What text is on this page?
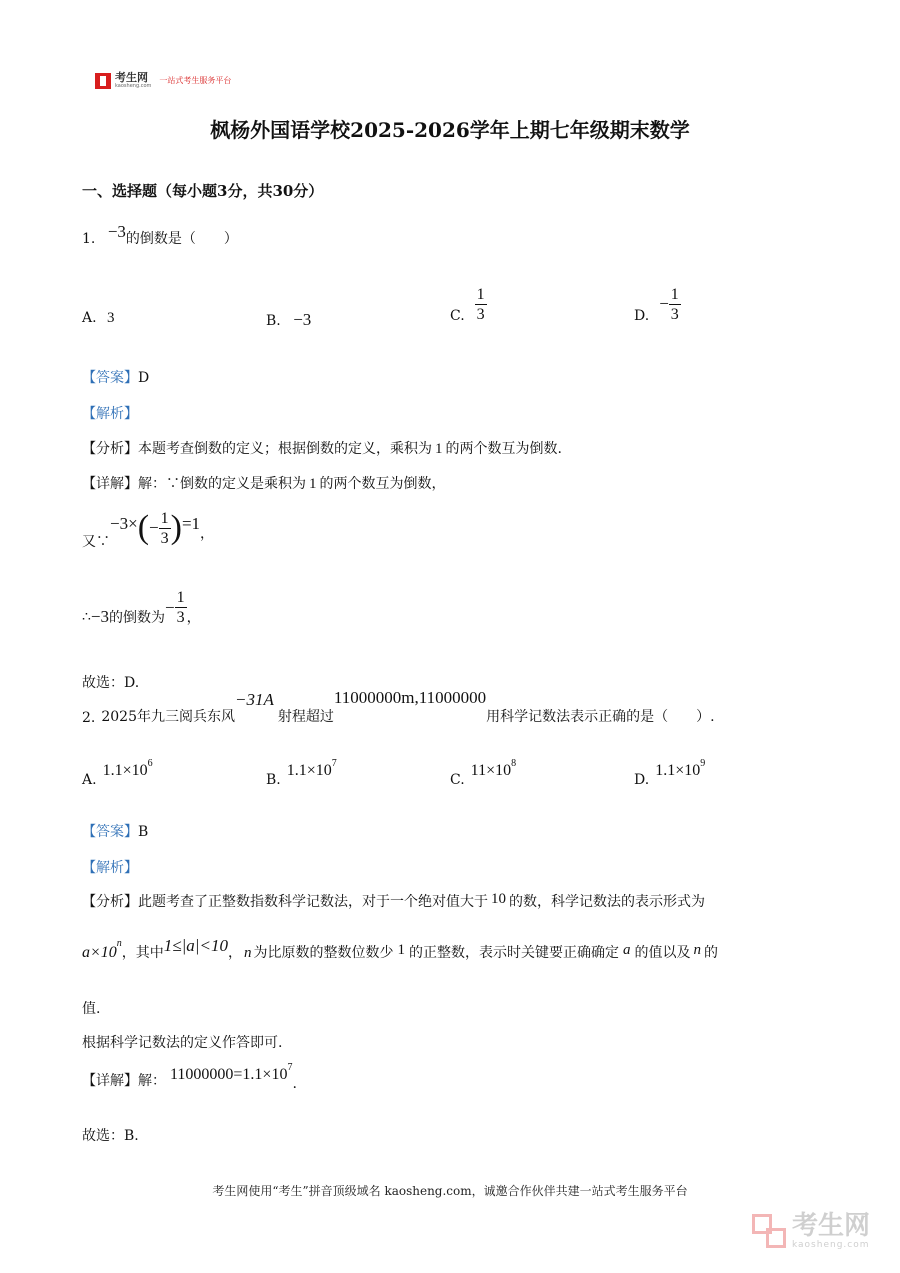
考生网
kaosheng.com
一站式考生服务平台
枫杨外国语学校2025-2026学年上期七年级期末数学
一、选择题（每小题3分，共30分）
1. −3的倒数是（　　）
A. 3	B. −3	C. $\frac{1}{3}$	D.
− $\frac{1}{3}$
【答案】D
【解析】
【分析】本题考查倒数的定义；根据倒数的定义，乘积为 1 的两个数互为倒数.
【详解】解：∵倒数的定义是乘积为 1 的两个数互为倒数，
又∵
−3× ( − $\frac{1}{3}$ ) =1
，
∴ −3 的倒数为
− $\frac{1}{3}$ ，
故选：D.
2. 2025年九三阅兵东风
−31A
射程超过
11000000m,11000000
用科学记数法表示正确的是（　　）.
A.
$1.1\times 10^6$
B.
$1.1\times 10^7$
C.
$11\times 10^8$
D.
$1.1\times 10^9$
【答案】B
【解析】
【分析】此题考查了正整数指数科学记数法，对于一个绝对值大于 10 的数，科学记数法的表示形式为
$a\times 10^n$，其中1≤|a|<10， n 为比原数的整数位数少 1 的正整数，表示时关键要正确确定 a 的值以及 n 的
值.
根据科学记数法的定义作答即可.
【详解】 解： $11000000=1.1\times 10^7$
.
故选：B.
考生网使用“考生”拼音顶级域名 kaosheng.com，诚邀合作伙伴共建一站式考生服务平台
考生网
kaosheng.com
